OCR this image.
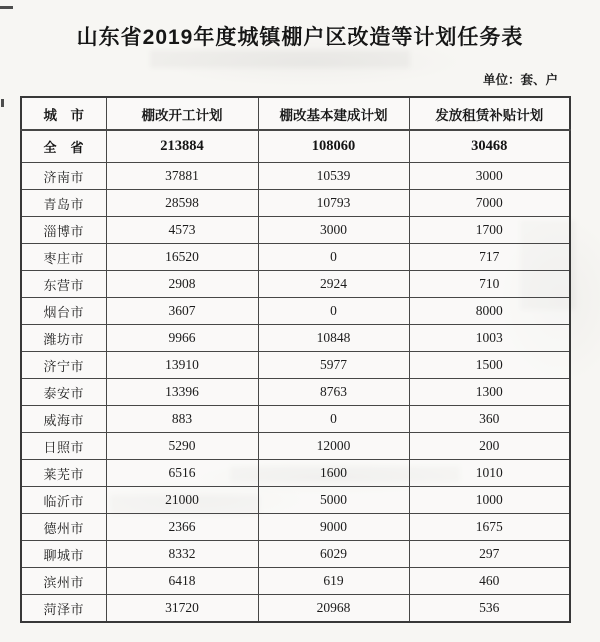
山东省2019年度城镇棚户区改造等计划任务表
单位：套、户
城　市	棚改开工计划	棚改基本建成计划	发放租赁补贴计划
全　省	213884	108060	30468
济南市	37881	10539	3000
青岛市	28598	10793	7000
淄博市	4573	3000	1700
枣庄市	16520	0	717
东营市	2908	2924	710
烟台市	3607	0	8000
潍坊市	9966	10848	1003
济宁市	13910	5977	1500
泰安市	13396	8763	1300
威海市	883	0	360
日照市	5290	12000	200
莱芜市	6516	1600	1010
临沂市	21000	5000	1000
德州市	2366	9000	1675
聊城市	8332	6029	297
滨州市	6418	619	460
菏泽市	31720	20968	536
